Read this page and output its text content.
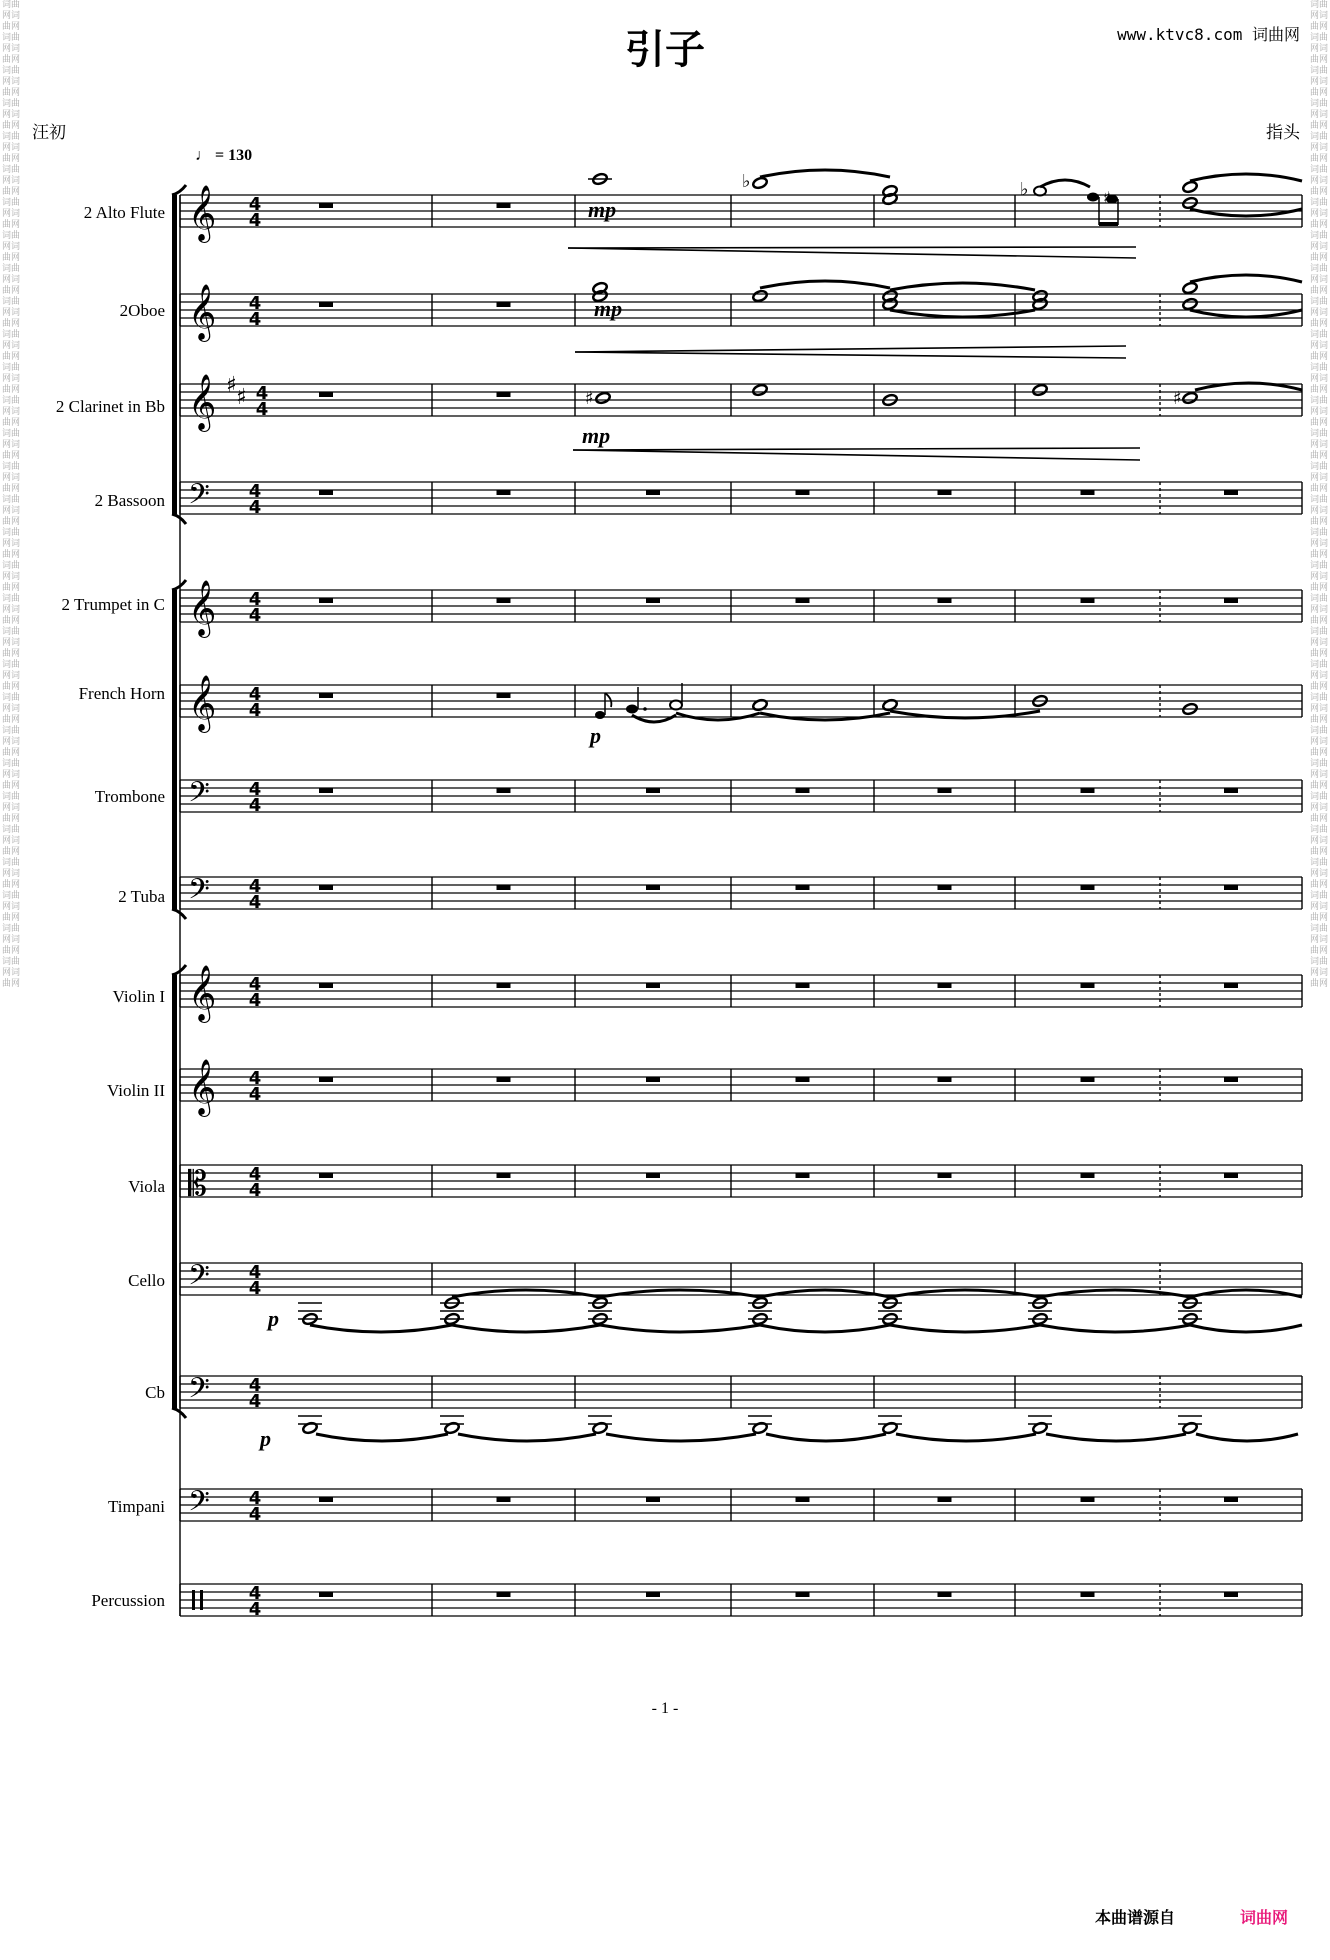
词曲网词曲网词曲网词曲网词曲网词曲网词曲网词曲网词曲网词曲网词曲网词曲网词曲网词曲网词曲网词曲网词曲网词曲网词曲网词曲网词曲网词曲网词曲网词曲网词曲网词曲网词曲网词曲网词曲网词曲网词曲网词曲网词曲网词曲网词曲网词曲网词曲网词曲网词曲网词曲网词曲网词曲网词曲网词曲网词曲网词曲网词曲网词曲网词曲网词曲网词曲网词曲网词曲网词曲网词曲网词曲网词曲网词曲网词曲网词曲网
词曲网词曲网词曲网词曲网词曲网词曲网词曲网词曲网词曲网词曲网词曲网词曲网词曲网词曲网词曲网词曲网词曲网词曲网词曲网词曲网词曲网词曲网词曲网词曲网词曲网词曲网词曲网词曲网词曲网词曲网词曲网词曲网词曲网词曲网词曲网词曲网词曲网词曲网词曲网词曲网词曲网词曲网词曲网词曲网词曲网词曲网词曲网词曲网词曲网词曲网词曲网词曲网词曲网词曲网词曲网词曲网词曲网词曲网词曲网词曲网
引子	www.ktvc8.com 词曲网
汪初	指头
♩ = 130
2 Alto Flute
2Oboe
2 Clarinet in Bb
2 Bassoon
2 Trumpet in C
French Horn
Trombone
2 Tuba
Violin I
Violin II
Viola
Cello
Cb
Timpani
Percussion
𝄞 4
4
𝄞 4
4
𝄞 ♯ ♯ 4
4
𝄢 4
4
𝄞 4
4
𝄞 4
4
𝄢 4
4
𝄢 4
4
𝄞 4
4
𝄞 4
4
𝄡 4
4
𝄢 4
4
𝄢 4
4
𝄢 4
4
4
4
♭	♭	♯
♯	♯
mp
mp
mp
p
p
p
- 1 -
本曲谱源自	词曲网
